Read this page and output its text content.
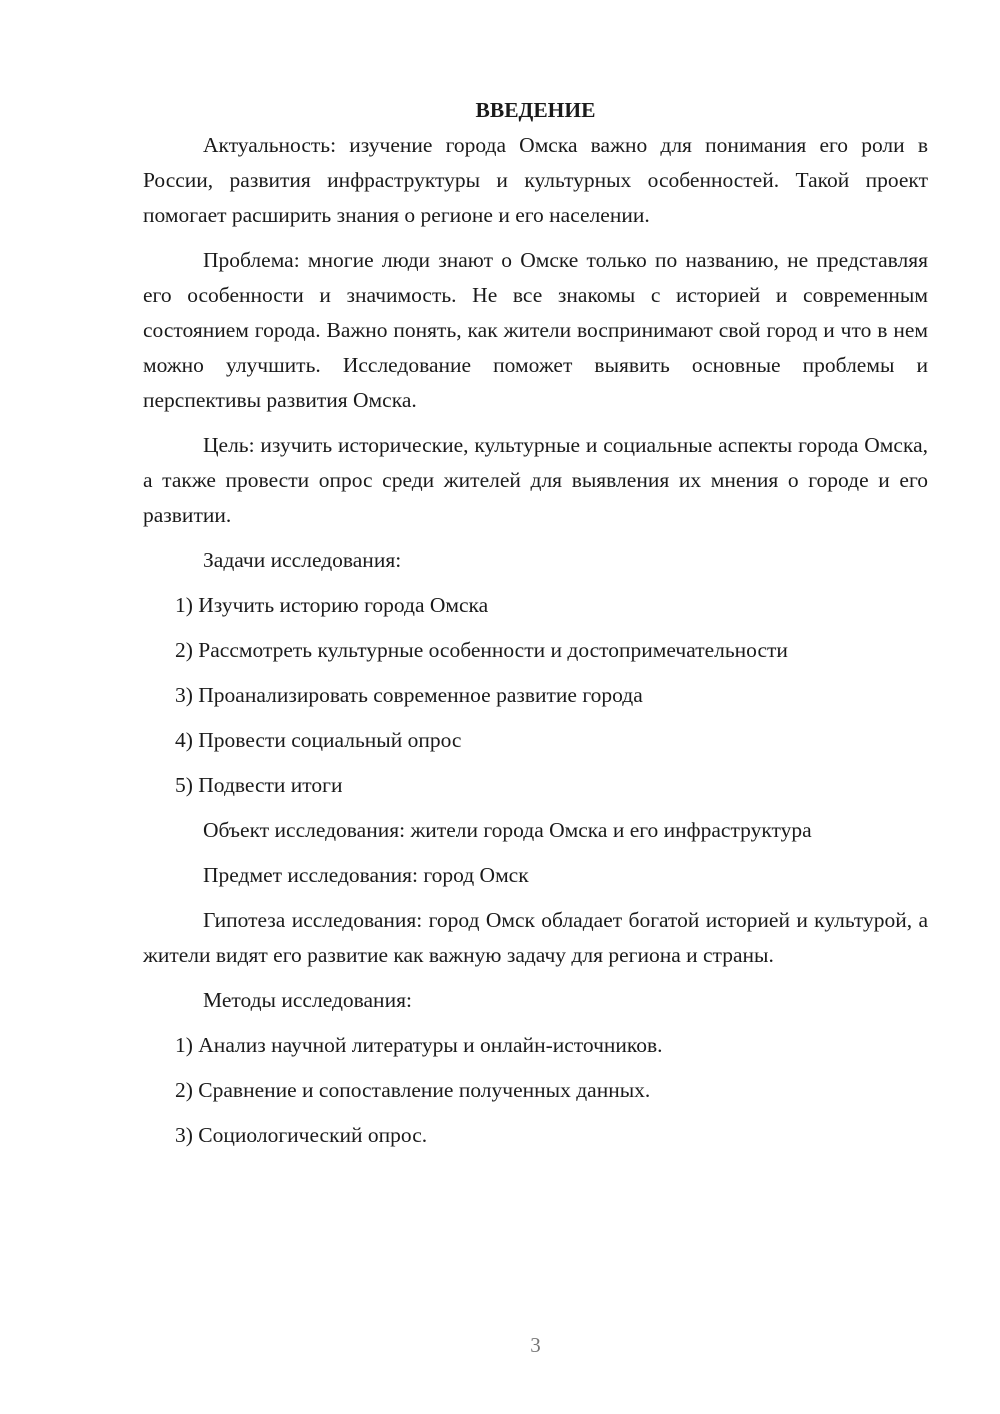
ВВЕДЕНИЕ

Актуальность: изучение города Омска важно для понимания его роли в России, развития инфраструктуры и культурных особенностей. Такой проект помогает расширить знания о регионе и его населении.

Проблема: многие люди знают о Омске только по названию, не представляя его особенности и значимость. Не все знакомы с историей и современным состоянием города. Важно понять, как жители воспринимают свой город и что в нем можно улучшить. Исследование поможет выявить основные проблемы и перспективы развития Омска.

Цель: изучить исторические, культурные и социальные аспекты города Омска, а также провести опрос среди жителей для выявления их мнения о городе и его развитии.

Задачи исследования:

1) Изучить историю города Омска

2) Рассмотреть культурные особенности и достопримечательности

3) Проанализировать современное развитие города

4) Провести социальный опрос

5) Подвести итоги

Объект исследования: жители города Омска и его инфраструктура

Предмет исследования: город Омск

Гипотеза исследования: город Омск обладает богатой историей и культурой, а жители видят его развитие как важную задачу для региона и страны.

Методы исследования:

1) Анализ научной литературы и онлайн-источников.

2) Сравнение и сопоставление полученных данных.

3) Социологический опрос.

3
